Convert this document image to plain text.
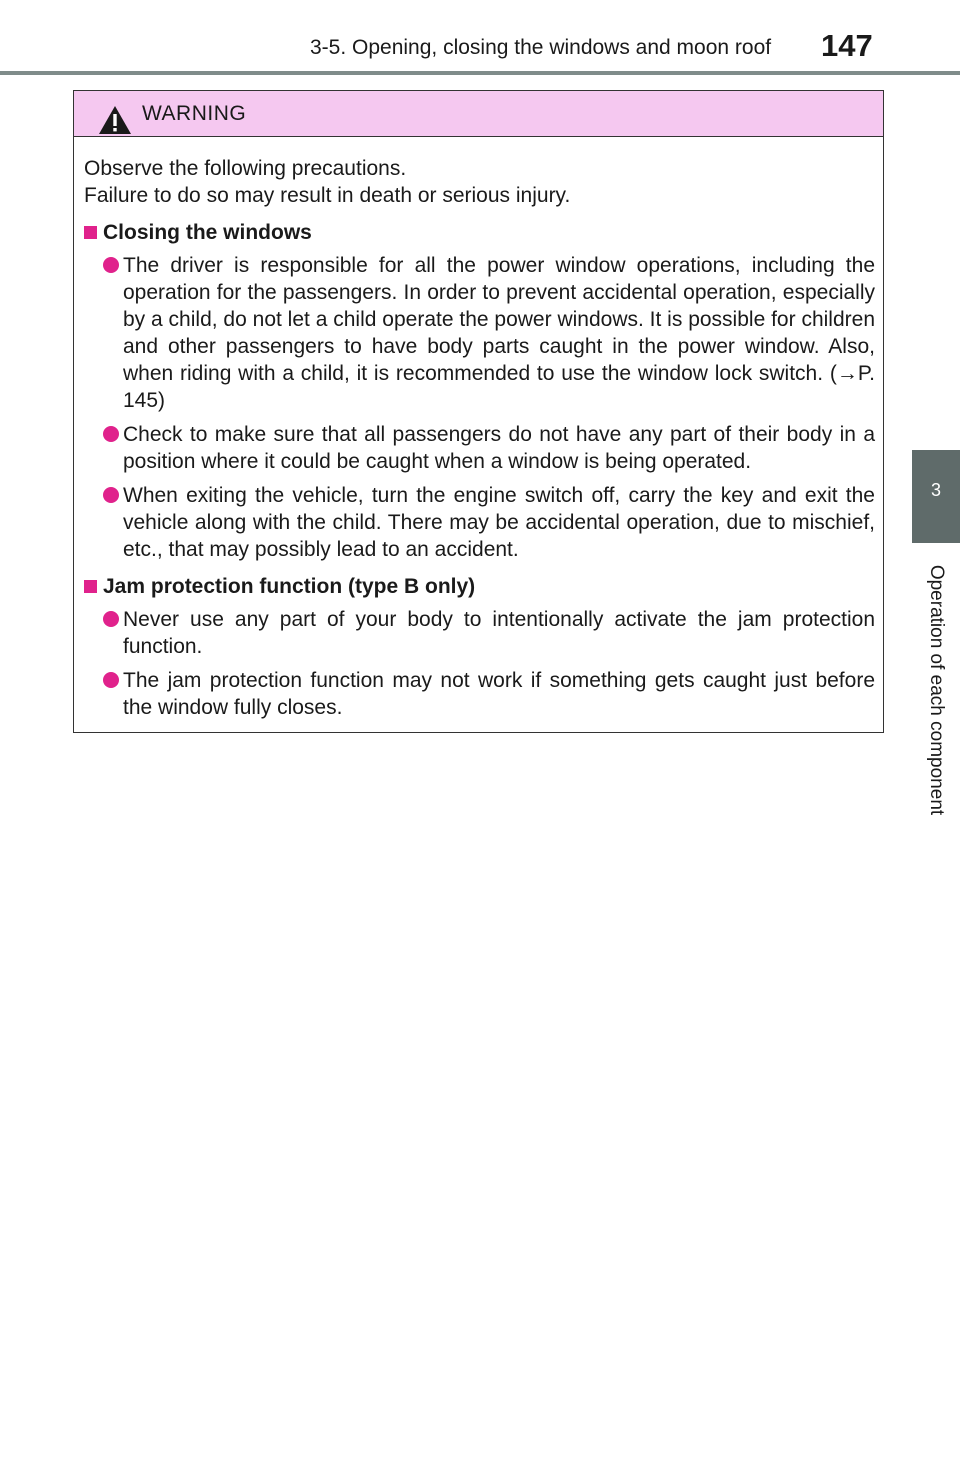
3-5. Opening, closing the windows and moon roof 147
3
Operation of each component
WARNING

Observe the following precautions.

Failure to do so may result in death or serious injury.

Closing the windows
The driver is responsible for all the power window operations, including the operation for the passengers. In order to prevent accidental operation, especially by a child, do not let a child operate the power windows. It is possible for children and other passengers to have body parts caught in the power window. Also, when riding with a child, it is recommended to use the window lock switch. (→P. 145)
Check to make sure that all passengers do not have any part of their body in a position where it could be caught when a window is being operated.
When exiting the vehicle, turn the engine switch off, carry the key and exit the vehicle along with the child. There may be accidental operation, due to mischief, etc., that may possibly lead to an accident.
Jam protection function (type B only)
Never use any part of your body to intentionally activate the jam protection function.
The jam protection function may not work if something gets caught just before the window fully closes.
